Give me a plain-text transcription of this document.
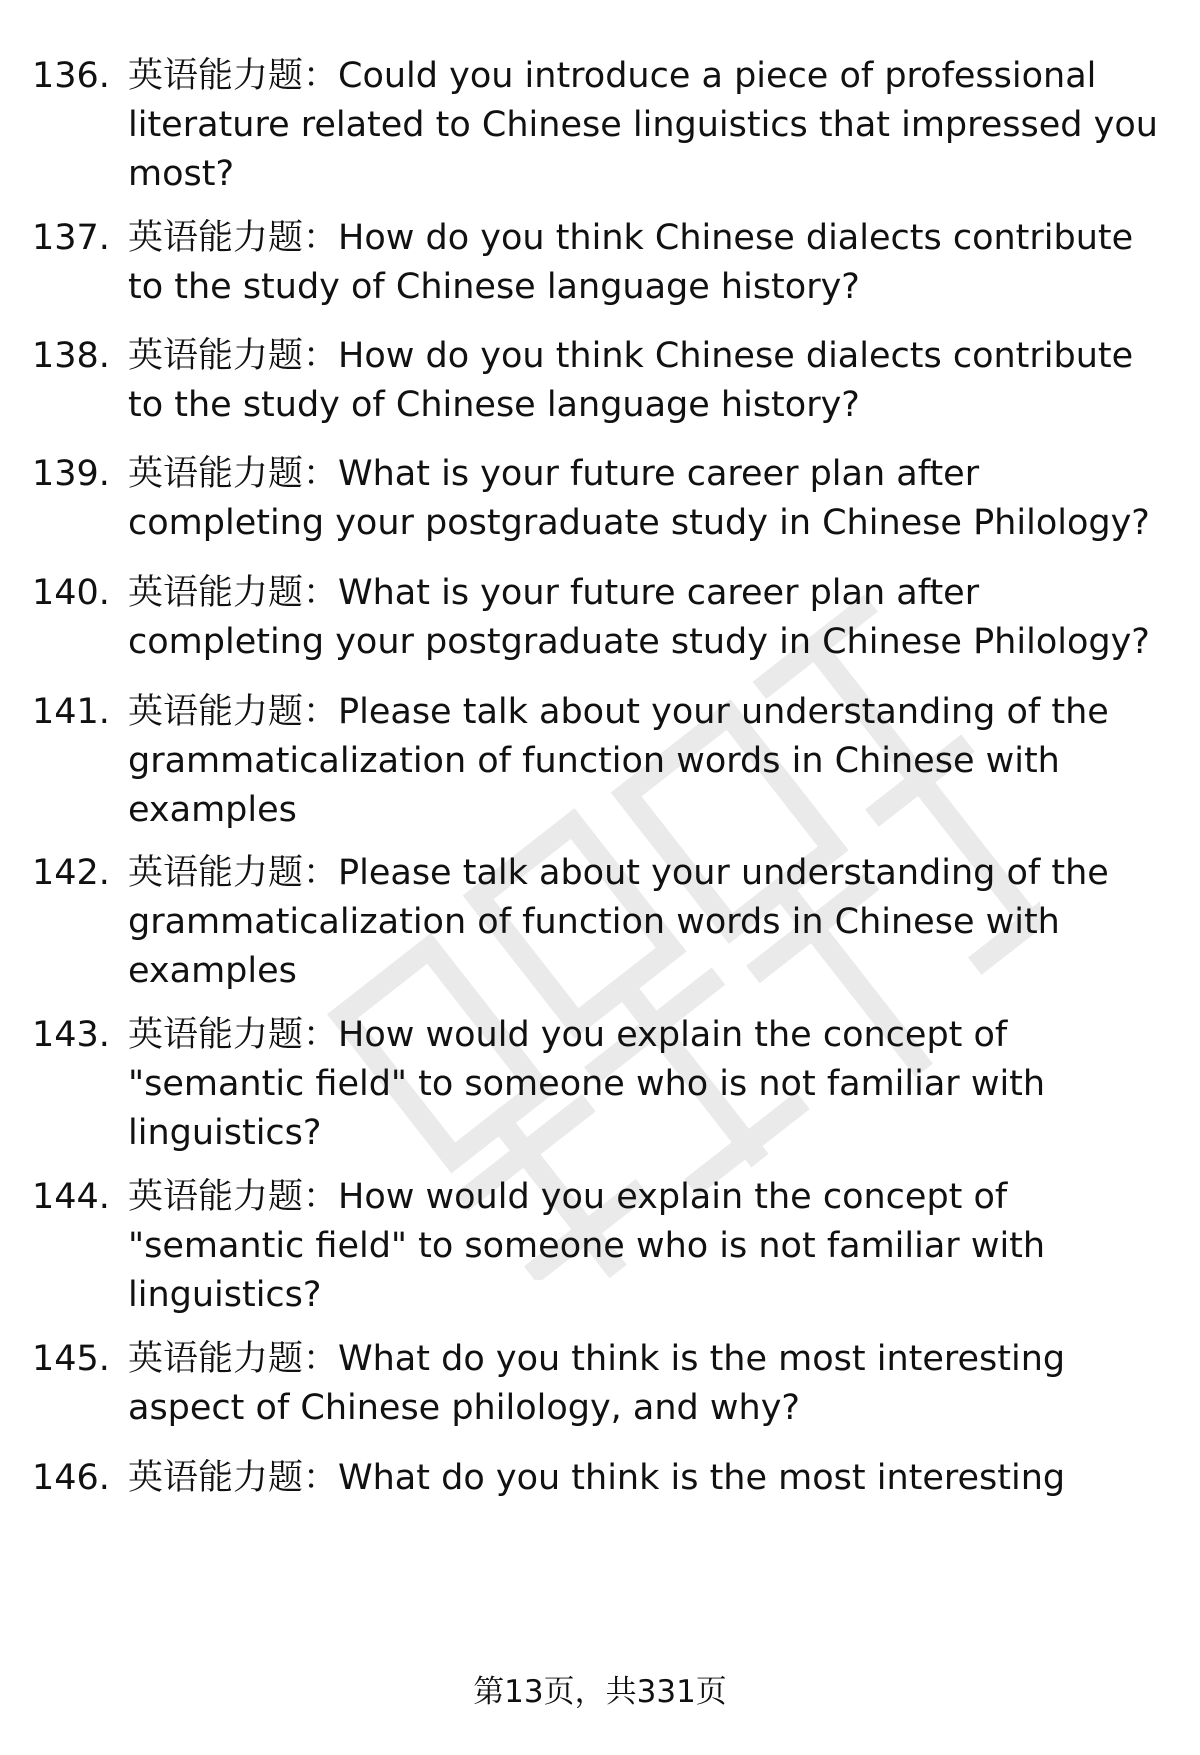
136. 英语能力题：Could you introduce a piece of professional
literature related to Chinese linguistics that impressed you
most?
137. 英语能力题：How do you think Chinese dialects contribute
to the study of Chinese language history?
138. 英语能力题：How do you think Chinese dialects contribute
to the study of Chinese language history?
139. 英语能力题：What is your future career plan after
completing your postgraduate study in Chinese Philology?
140. 英语能力题：What is your future career plan after
completing your postgraduate study in Chinese Philology?
141. 英语能力题：Please talk about your understanding of the
grammaticalization of function words in Chinese with
examples
142. 英语能力题：Please talk about your understanding of the
grammaticalization of function words in Chinese with
examples
143. 英语能力题：How would you explain the concept of
"semantic field" to someone who is not familiar with
linguistics?
144. 英语能力题：How would you explain the concept of
"semantic field" to someone who is not familiar with
linguistics?
145. 英语能力题：What do you think is the most interesting
aspect of Chinese philology, and why?
146. 英语能力题：What do you think is the most interesting
第13页，共331页
